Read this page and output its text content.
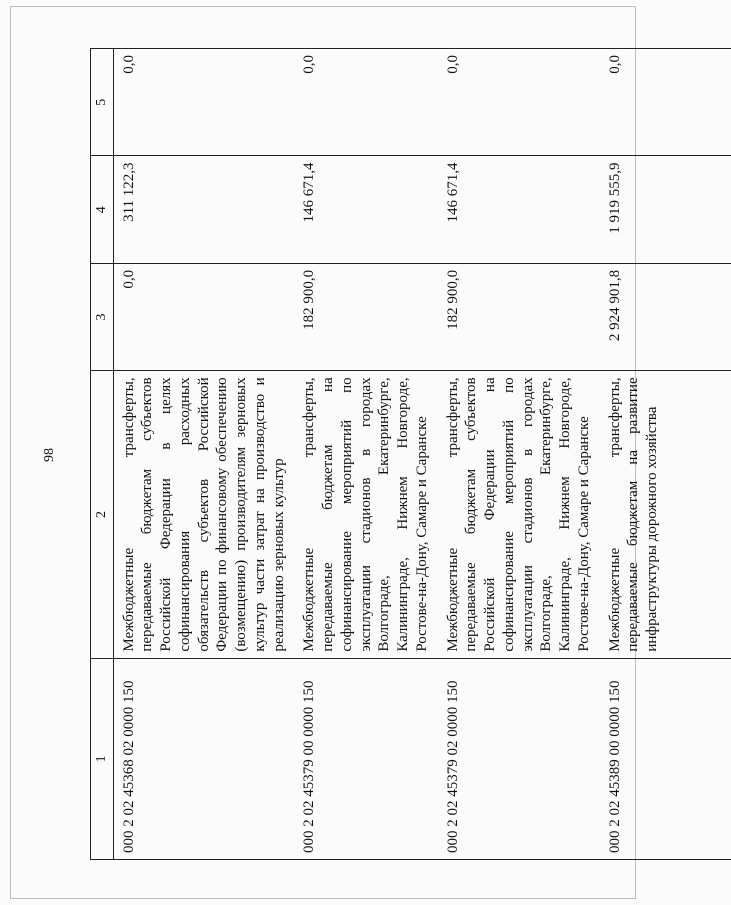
98
1	2	3	4	5
000 2 02 45368 02 0000 150	Межбюджетные трансферты, передаваемые бюджетам субъектов Российской Федерации в целях софинансирования расходных обязательств субъектов Российской Федерации по финансовому обеспечению (возмещению) производителям зерновых культур части затрат на производство и реализацию зерновых культур	0,0	311 122,3	0,0
000 2 02 45379 00 0000 150	Межбюджетные трансферты, передаваемые бюджетам на софинансирование мероприятий по эксплуатации стадионов в городах Волгограде, Екатеринбурге, Калининграде, Нижнем Новгороде, Ростове-на-Дону, Самаре и Саранске	182 900,0	146 671,4	0,0
000 2 02 45379 02 0000 150	Межбюджетные трансферты, передаваемые бюджетам субъектов Российской Федерации на софинансирование мероприятий по эксплуатации стадионов в городах Волгограде, Екатеринбурге, Калининграде, Нижнем Новгороде, Ростове-на-Дону, Самаре и Саранске	182 900,0	146 671,4	0,0
000 2 02 45389 00 0000 150	Межбюджетные трансферты, передаваемые бюджетам на развитие инфраструктуры дорожного хозяйства	2 924 901,8	1 919 555,9	0,0
